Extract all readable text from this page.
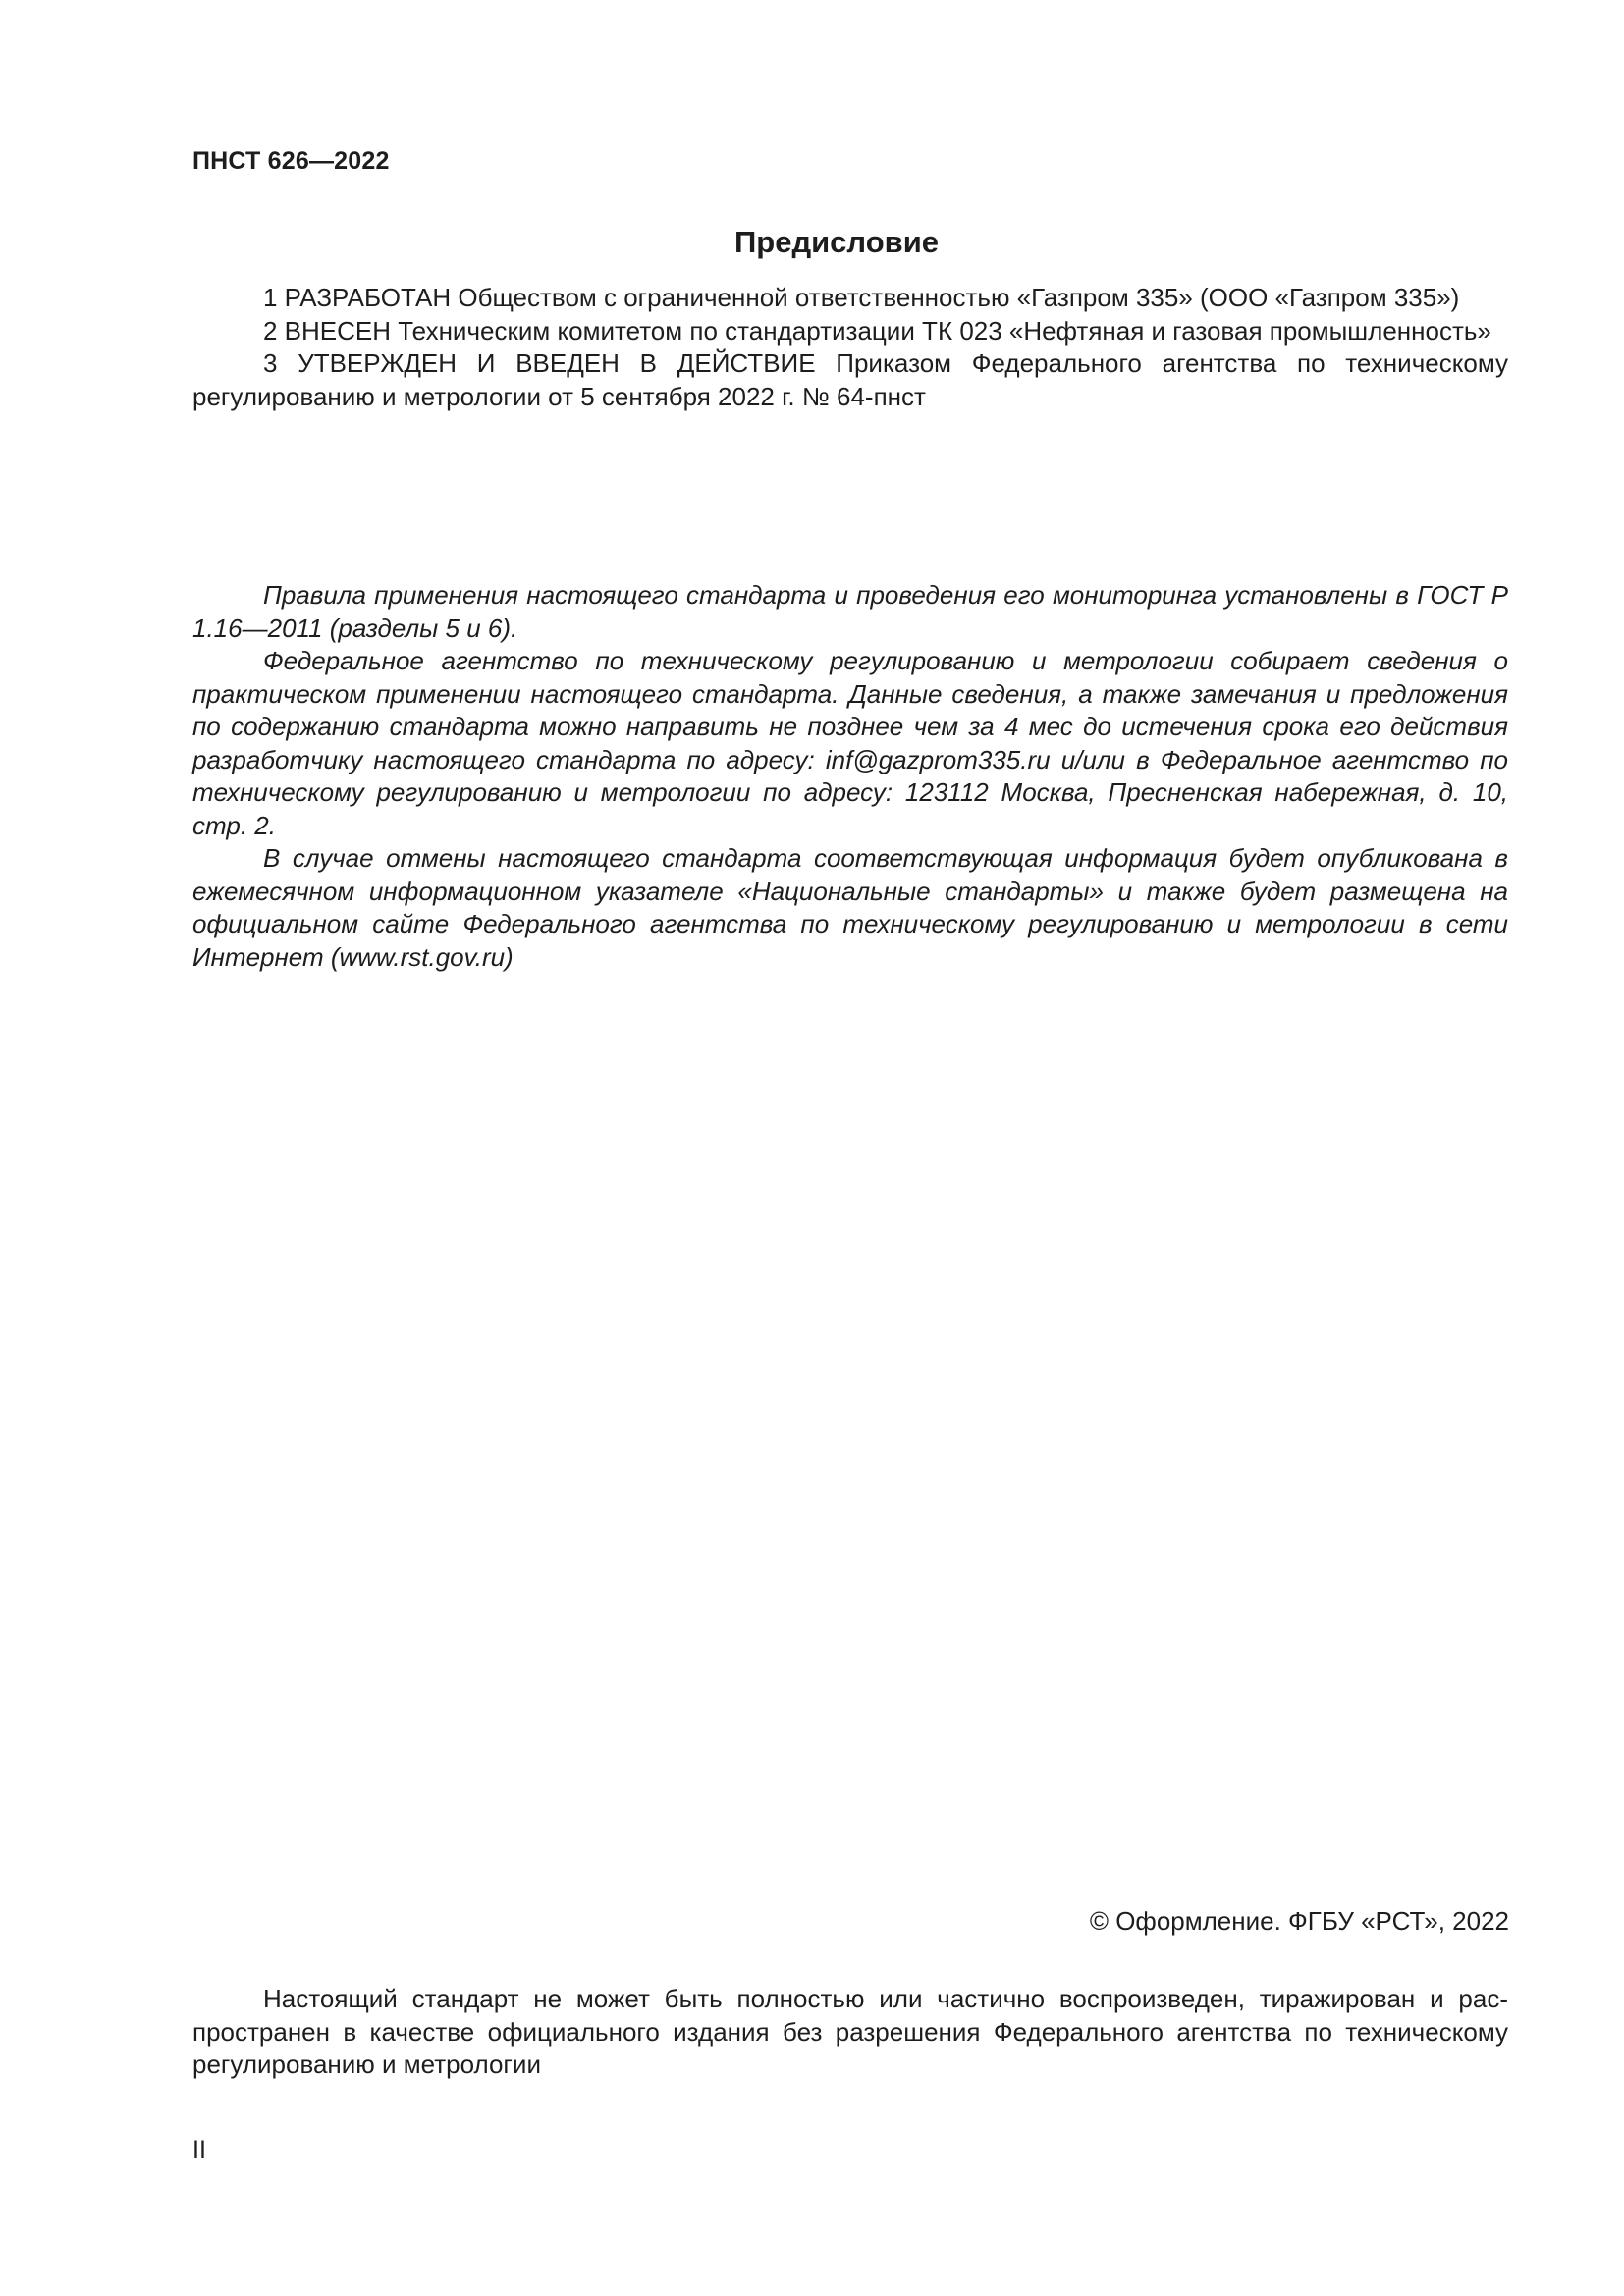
ПНСТ 626—2022
Предисловие

1 РАЗРАБОТАН Обществом с ограниченной ответственностью «Газпром 335» (ООО «Газпром 335»)

2 ВНЕСЕН Техническим комитетом по стандартизации ТК 023 «Нефтяная и газовая промышленность»

3 УТВЕРЖДЕН И ВВЕДЕН В ДЕЙСТВИЕ Приказом Федерального агентства по техническому регулированию и метрологии от 5 сентября 2022 г. № 64-пнст

Правила применения настоящего стандарта и проведения его мониторинга установлены в ГОСТ Р 1.16—2011 (разделы 5 и 6).

Федеральное агентство по техническому регулированию и метрологии собирает сведения о практическом применении настоящего стандарта. Данные сведения, а также замечания и предложения по содержанию стандарта можно направить не позднее чем за 4 мес до истечения срока его действия разработчику настоящего стандарта по адресу: inf@gazprom335.ru и/или в Федеральное агентство по техническому регулированию и метрологии по адресу: 123112 Москва, Пресненская набережная, д. 10, стр. 2.

В случае отмены настоящего стандарта соответствующая информация будет опубликована в ежемесячном информационном указателе «Национальные стандарты» и также будет размещена на официальном сайте Федерального агентства по техническому регулированию и метрологии в сети Интернет (www.rst.gov.ru)

© Оформление. ФГБУ «РСТ», 2022

Настоящий стандарт не может быть полностью или частично воспроизведен, тиражирован и распространен в качестве официального издания без разрешения Федерального агентства по техническому регулированию и метрологии

II
